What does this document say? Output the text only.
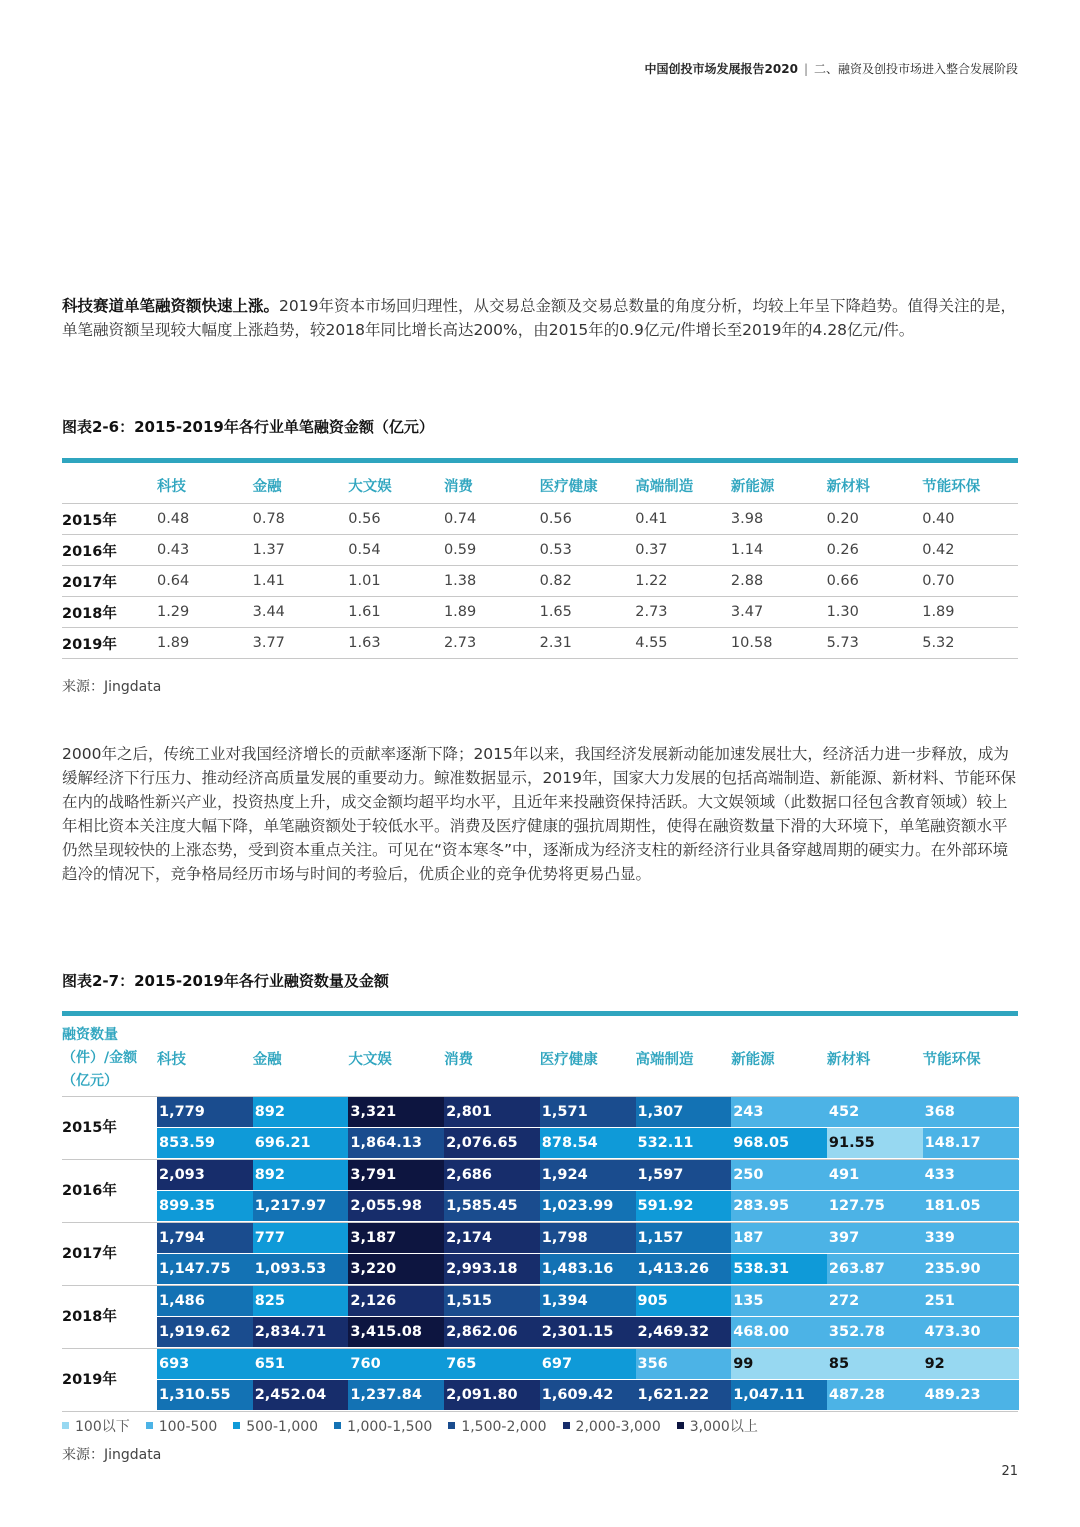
中国创投市场发展报告2020 | 二、融资及创投市场进入整合发展阶段
科技赛道单笔融资额快速上涨。2019年资本市场回归理性，从交易总金额及交易总数量的角度分析，均较上年呈下降趋势。值得关注的是，单笔融资额呈现较大幅度上涨趋势，较2018年同比增长高达200%，由2015年的0.9亿元/件增长至2019年的4.28亿元/件。
图表2-6：2015-2019年各行业单笔融资金额（亿元）
	科技	金融	大文娱	消费	医疗健康	高端制造	新能源	新材料	节能环保
2015年	0.48	0.78	0.56	0.74	0.56	0.41	3.98	0.20	0.40
2016年	0.43	1.37	0.54	0.59	0.53	0.37	1.14	0.26	0.42
2017年	0.64	1.41	1.01	1.38	0.82	1.22	2.88	0.66	0.70
2018年	1.29	3.44	1.61	1.89	1.65	2.73	3.47	1.30	1.89
2019年	1.89	3.77	1.63	2.73	2.31	4.55	10.58	5.73	5.32
来源：Jingdata
2000年之后，传统工业对我国经济增长的贡献率逐渐下降；2015年以来，我国经济发展新动能加速发展壮大，经济活力进一步释放，成为缓解经济下行压力、推动经济高质量发展的重要动力。鲸准数据显示，2019年，国家大力发展的包括高端制造、新能源、新材料、节能环保在内的战略性新兴产业，投资热度上升，成交金额均超平均水平，且近年来投融资保持活跃。大文娱领域（此数据口径包含教育领域）较上年相比资本关注度大幅下降，单笔融资额处于较低水平。消费及医疗健康的强抗周期性，使得在融资数量下滑的大环境下，单笔融资额水平仍然呈现较快的上涨态势，受到资本重点关注。可见在“资本寒冬”中，逐渐成为经济支柱的新经济行业具备穿越周期的硬实力。在外部环境趋冷的情况下，竞争格局经历市场与时间的考验后，优质企业的竞争优势将更易凸显。
图表2-7：2015-2019年各行业融资数量及金额
融资数量
（件）/金额
（亿元）
科技	金融	大文娱	消费	医疗健康	高端制造	新能源	新材料	节能环保
2015年
1,779	892	3,321	2,801	1,571	1,307	243	452	368
853.59	696.21	1,864.13	2,076.65	878.54	532.11	968.05	91.55	148.17
2016年
2,093	892	3,791	2,686	1,924	1,597	250	491	433
899.35	1,217.97	2,055.98	1,585.45	1,023.99	591.92	283.95	127.75	181.05
2017年
1,794	777	3,187	2,174	1,798	1,157	187	397	339
1,147.75	1,093.53	3,220	2,993.18	1,483.16	1,413.26	538.31	263.87	235.90
2018年
1,486	825	2,126	1,515	1,394	905	135	272	251
1,919.62	2,834.71	3,415.08	2,862.06	2,301.15	2,469.32	468.00	352.78	473.30
2019年
693	651	760	765	697	356	99	85	92
1,310.55	2,452.04	1,237.84	2,091.80	1,609.42	1,621.22	1,047.11	487.28	489.23
100以下 100-500 500-1,000 1,000-1,500 1,500-2,000 2,000-3,000 3,000以上
来源：Jingdata
21
